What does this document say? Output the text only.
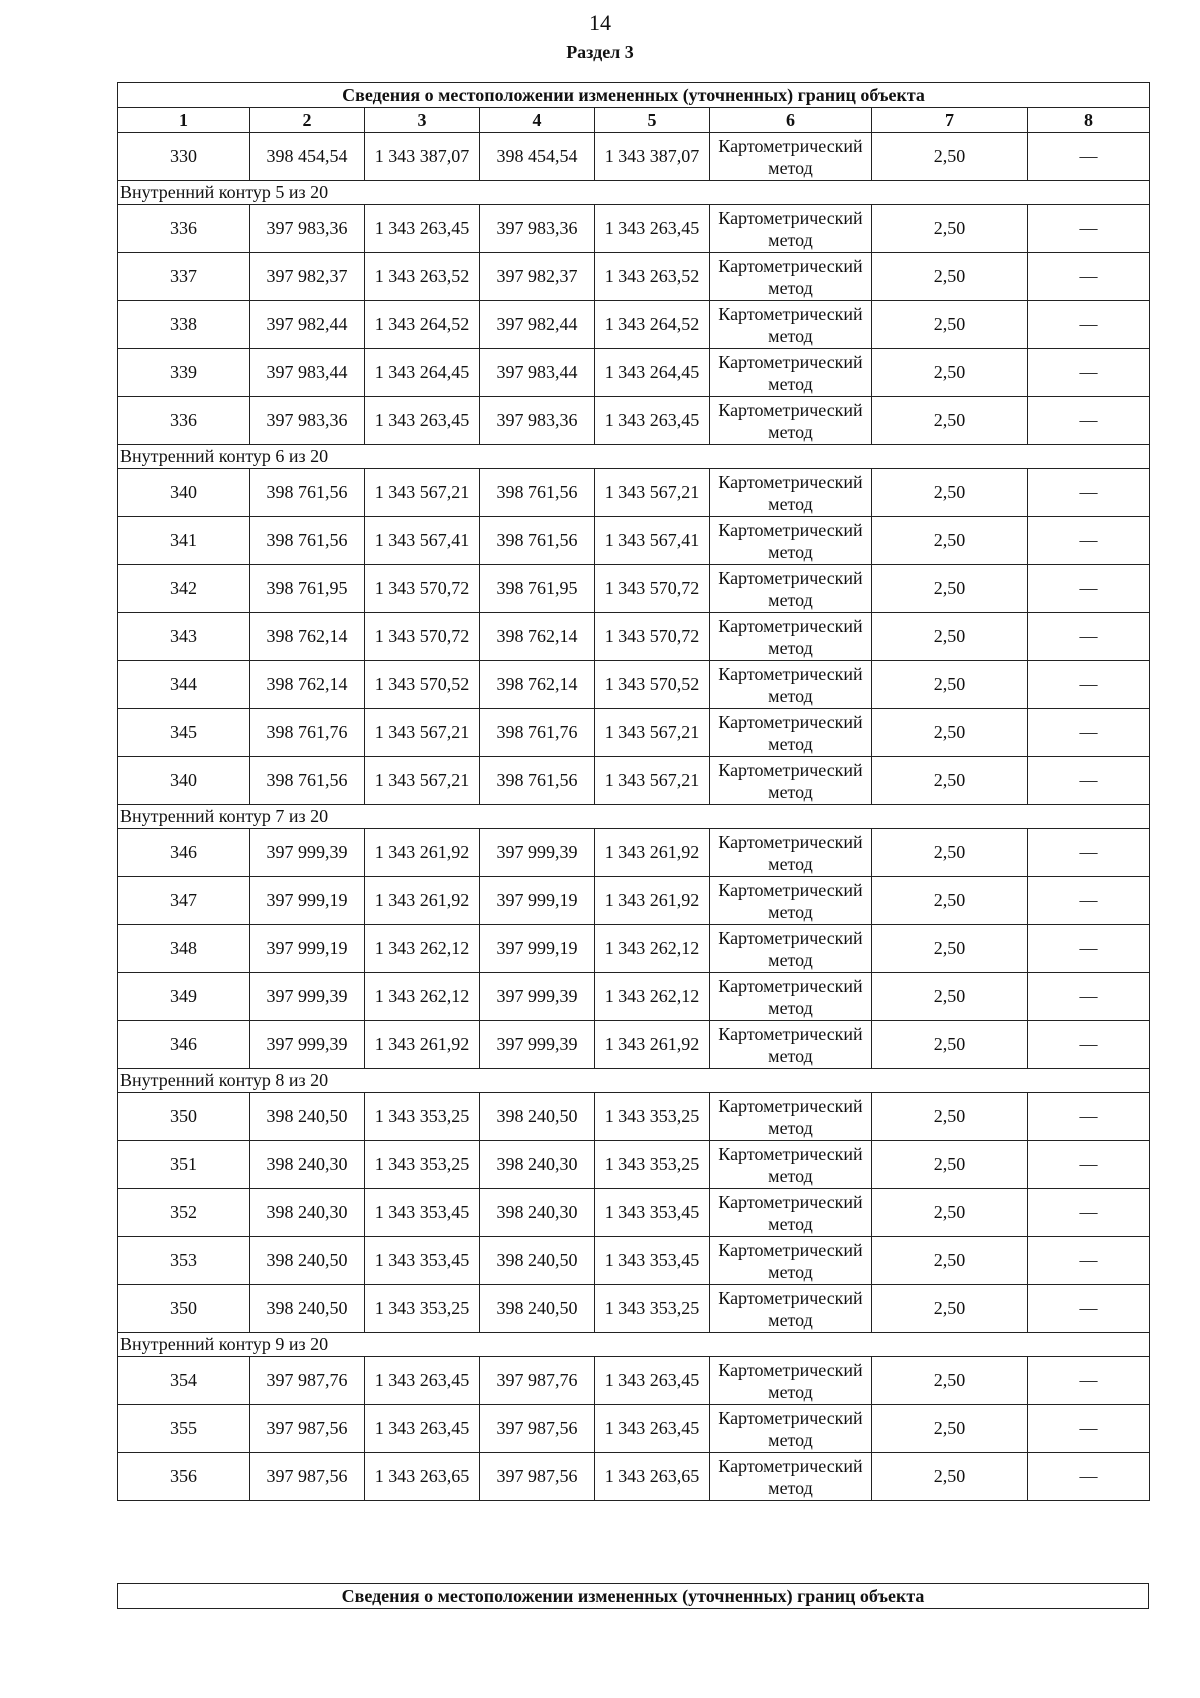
14
Раздел 3
Сведения о местоположении измененных (уточненных) границ объекта							
1	2	3	4	5	6	7	8
330	398 454,54	1 343 387,07	398 454,54	1 343 387,07	Картометрический метод	2,50	—
Внутренний контур 5 из 20							
336	397 983,36	1 343 263,45	397 983,36	1 343 263,45	Картометрический метод	2,50	—
337	397 982,37	1 343 263,52	397 982,37	1 343 263,52	Картометрический метод	2,50	—
338	397 982,44	1 343 264,52	397 982,44	1 343 264,52	Картометрический метод	2,50	—
339	397 983,44	1 343 264,45	397 983,44	1 343 264,45	Картометрический метод	2,50	—
336	397 983,36	1 343 263,45	397 983,36	1 343 263,45	Картометрический метод	2,50	—
Внутренний контур 6 из 20							
340	398 761,56	1 343 567,21	398 761,56	1 343 567,21	Картометрический метод	2,50	—
341	398 761,56	1 343 567,41	398 761,56	1 343 567,41	Картометрический метод	2,50	—
342	398 761,95	1 343 570,72	398 761,95	1 343 570,72	Картометрический метод	2,50	—
343	398 762,14	1 343 570,72	398 762,14	1 343 570,72	Картометрический метод	2,50	—
344	398 762,14	1 343 570,52	398 762,14	1 343 570,52	Картометрический метод	2,50	—
345	398 761,76	1 343 567,21	398 761,76	1 343 567,21	Картометрический метод	2,50	—
340	398 761,56	1 343 567,21	398 761,56	1 343 567,21	Картометрический метод	2,50	—
Внутренний контур 7 из 20							
346	397 999,39	1 343 261,92	397 999,39	1 343 261,92	Картометрический метод	2,50	—
347	397 999,19	1 343 261,92	397 999,19	1 343 261,92	Картометрический метод	2,50	—
348	397 999,19	1 343 262,12	397 999,19	1 343 262,12	Картометрический метод	2,50	—
349	397 999,39	1 343 262,12	397 999,39	1 343 262,12	Картометрический метод	2,50	—
346	397 999,39	1 343 261,92	397 999,39	1 343 261,92	Картометрический метод	2,50	—
Внутренний контур 8 из 20							
350	398 240,50	1 343 353,25	398 240,50	1 343 353,25	Картометрический метод	2,50	—
351	398 240,30	1 343 353,25	398 240,30	1 343 353,25	Картометрический метод	2,50	—
352	398 240,30	1 343 353,45	398 240,30	1 343 353,45	Картометрический метод	2,50	—
353	398 240,50	1 343 353,45	398 240,50	1 343 353,45	Картометрический метод	2,50	—
350	398 240,50	1 343 353,25	398 240,50	1 343 353,25	Картометрический метод	2,50	—
Внутренний контур 9 из 20							
354	397 987,76	1 343 263,45	397 987,76	1 343 263,45	Картометрический метод	2,50	—
355	397 987,56	1 343 263,45	397 987,56	1 343 263,45	Картометрический метод	2,50	—
356	397 987,56	1 343 263,65	397 987,56	1 343 263,65	Картометрический метод	2,50	—
Сведения о местоположении измененных (уточненных) границ объекта
